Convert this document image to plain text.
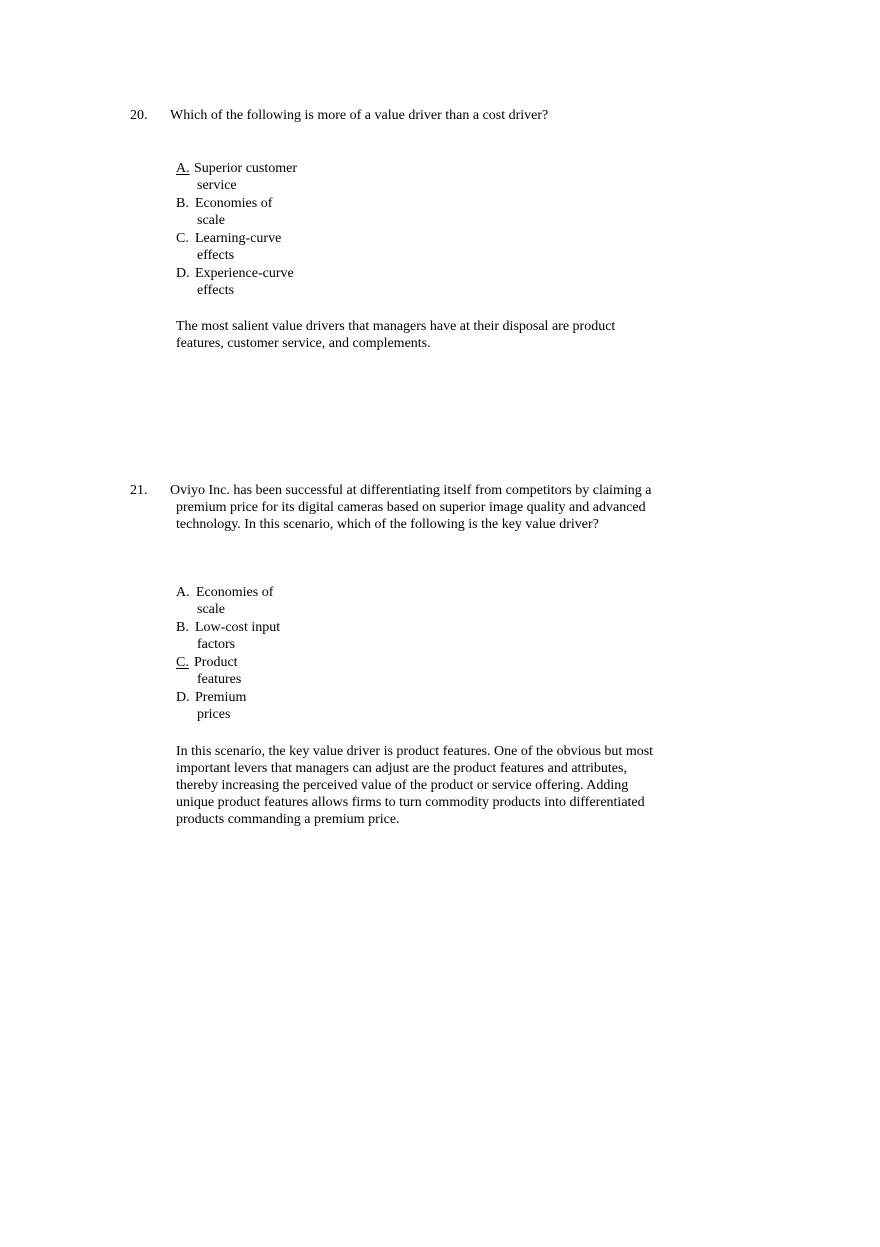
20. Which of the following is more of a value driver than a cost driver?
A. Superior customer
service
B. Economies of
scale
C. Learning-curve
effects
D. Experience-curve
effects

The most salient value drivers that managers have at their disposal are product features, customer service, and complements.

21. Oviyo Inc. has been successful at differentiating itself from competitors by claiming a premium price for its digital cameras based on superior image quality and advanced technology. In this scenario, which of the following is the key value driver?
A. Economies of
scale
B. Low-cost input
factors
C. Product
features
D. Premium
prices

In this scenario, the key value driver is product features. One of the obvious but most important levers that managers can adjust are the product features and attributes, thereby increasing the perceived value of the product or service offering. Adding unique product features allows firms to turn commodity products into differentiated products commanding a premium price.
